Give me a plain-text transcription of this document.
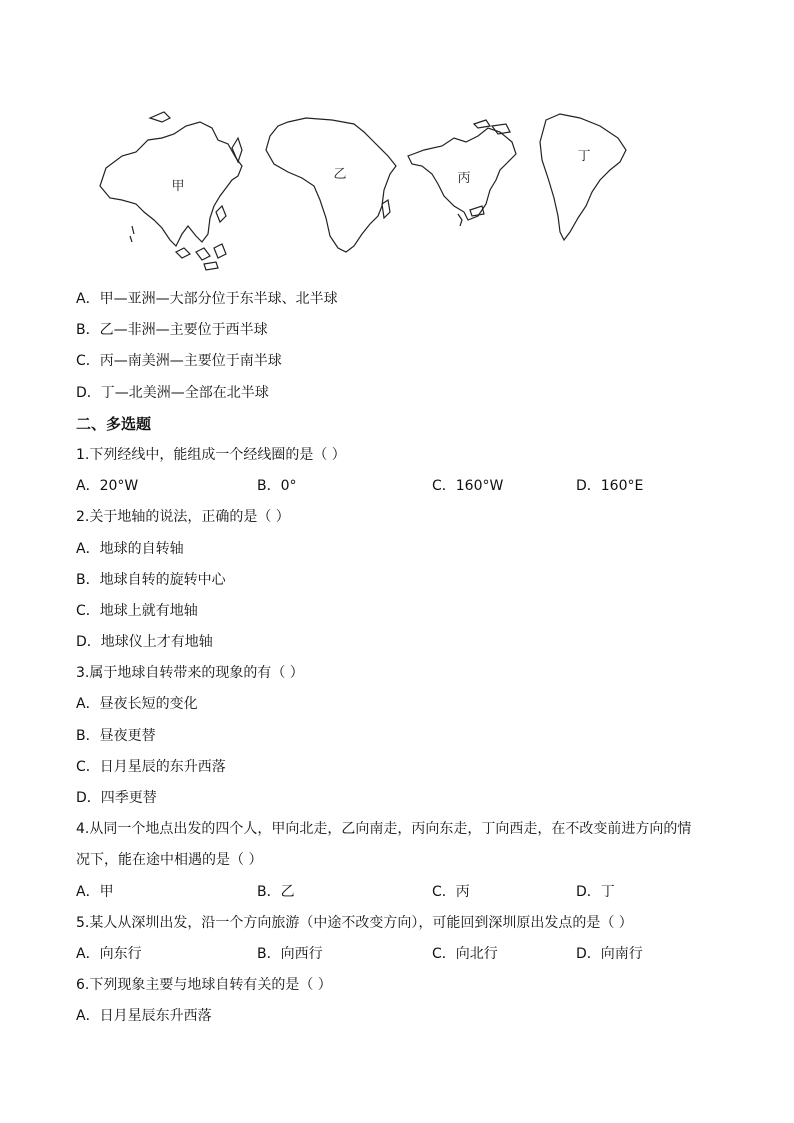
甲
乙	丙
丁
A．甲—亚洲—大部分位于东半球、北半球
B．乙—非洲—主要位于西半球
C．丙—南美洲—主要位于南半球
D．丁—北美洲—全部在北半球
二、多选题
1.下列经线中，能组成一个经线圈的是（ ）
A．20°W	B．0°	C．160°W	D．160°E
2.关于地轴的说法，正确的是（ ）
A．地球的自转轴
B．地球自转的旋转中心
C．地球上就有地轴
D．地球仪上才有地轴
3.属于地球自转带来的现象的有（ ）
A．昼夜长短的变化
B．昼夜更替
C．日月星辰的东升西落
D．四季更替
4.从同一个地点出发的四个人，甲向北走，乙向南走，丙向东走，丁向西走，在不改变前进方向的情
况下，能在途中相遇的是（ ）
A．甲	B．乙	C．丙	D．丁
5.某人从深圳出发，沿一个方向旅游（中途不改变方向），可能回到深圳原出发点的是（ ）
A．向东行	B．向西行	C．向北行	D．向南行
6.下列现象主要与地球自转有关的是（ ）
A．日月星辰东升西落
